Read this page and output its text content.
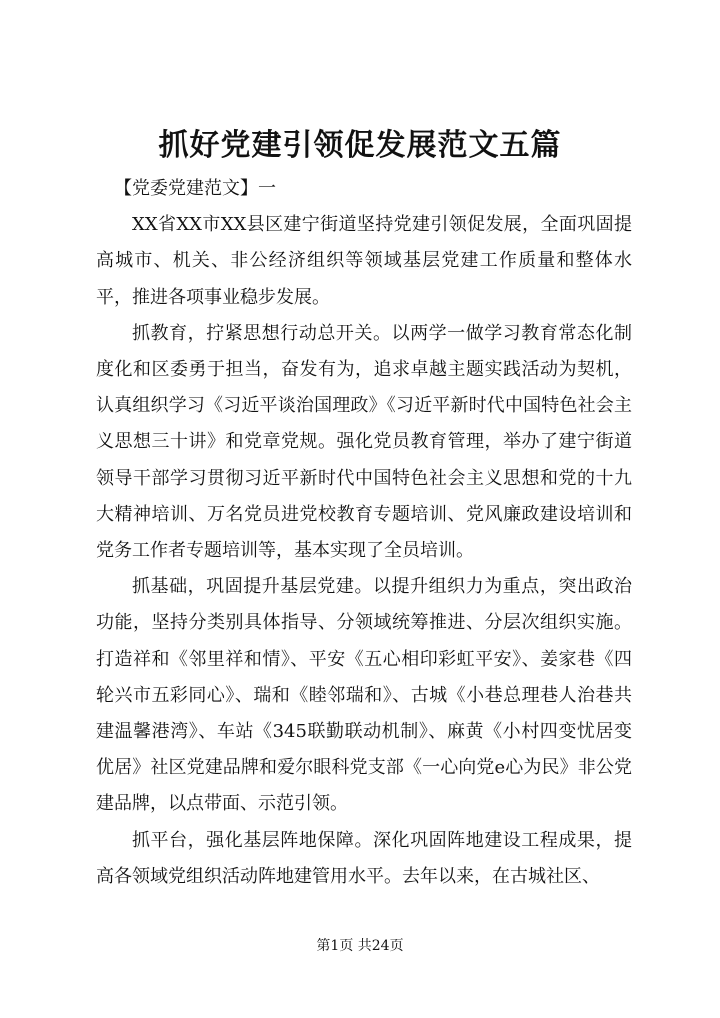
抓好党建引领促发展范文五篇

【党委党建范文】一

XX省XX市XX县区建宁街道坚持党建引领促发展，全面巩固提高城市、机关、非公经济组织等领域基层党建工作质量和整体水平，推进各项事业稳步发展。

抓教育，拧紧思想行动总开关。以两学一做学习教育常态化制度化和区委勇于担当，奋发有为，追求卓越主题实践活动为契机，认真组织学习《习近平谈治国理政》《习近平新时代中国特色社会主义思想三十讲》和党章党规。强化党员教育管理，举办了建宁街道领导干部学习贯彻习近平新时代中国特色社会主义思想和党的十九大精神培训、万名党员进党校教育专题培训、党风廉政建设培训和党务工作者专题培训等，基本实现了全员培训。

抓基础，巩固提升基层党建。以提升组织力为重点，突出政治功能，坚持分类别具体指导、分领域统筹推进、分层次组织实施。打造祥和《邻里祥和情》、平安《五心相印彩虹平安》、姜家巷《四轮兴市五彩同心》、瑞和《睦邻瑞和》、古城《小巷总理巷人治巷共建温馨港湾》、车站《345联勤联动机制》、麻黄《小村四变忧居变优居》社区党建品牌和爱尔眼科党支部《一心向党e心为民》非公党建品牌，以点带面、示范引领。

抓平台，强化基层阵地保障。深化巩固阵地建设工程成果，提高各领域党组织活动阵地建管用水平。去年以来，在古城社区、

第1页 共24页
